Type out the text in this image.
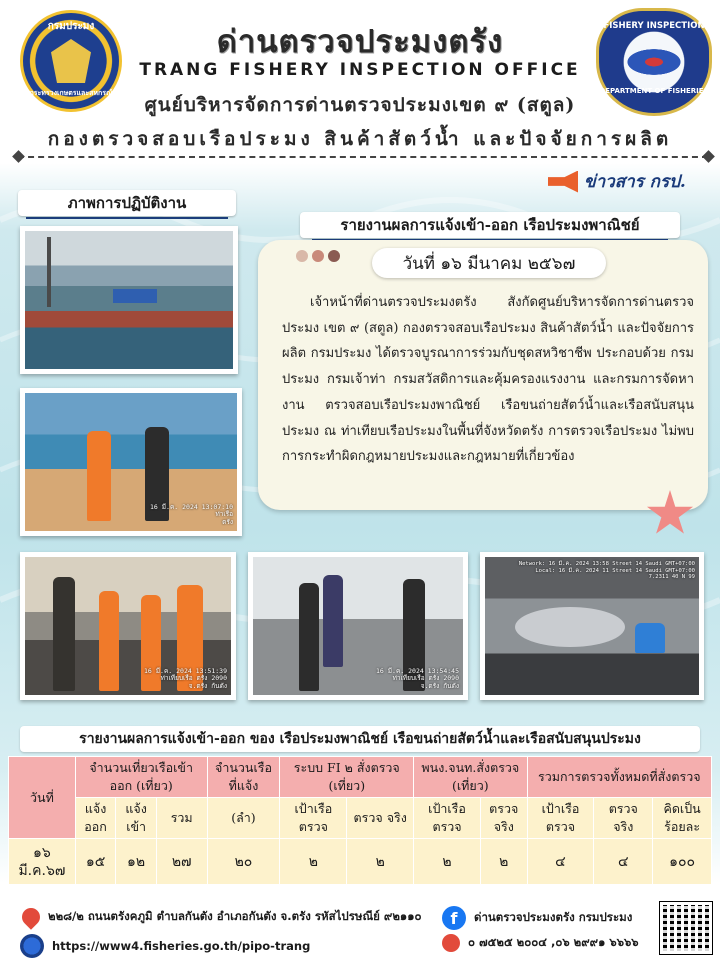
กรมประมง
กระทรวงเกษตรและสหกรณ์
FISHERY INSPECTION
DEPARTMENT OF FISHERIES
ด่านตรวจประมงตรัง
TRANG FISHERY INSPECTION OFFICE
ศูนย์บริหารจัดการด่านตรวจประมงเขต ๙ (สตูล)
กองตรวจสอบเรือประมง สินค้าสัตว์น้ำ และปัจจัยการผลิต
ข่าวสาร กรป.
ภาพการปฏิบัติงาน
รายงานผลการแจ้งเข้า-ออก เรือประมงพาณิชย์
16 มี.ค. 2024 13:07:10
ท่าเรือ
ตรัง
16 มี.ค. 2024 13:51:39
ท่าเทียบเรือ ตรัง 2090
จ.ตรัง กันตัง
16 มี.ค. 2024 13:54:45
ท่าเทียบเรือ ตรัง 2090
จ.ตรัง กันตัง
Network: 16 มี.ค. 2024 13:58 Street 14 Saudi GMT+07:00
Local: 16 มี.ค. 2024 11 Street 14 Saudi GMT+07:00
7.2311 40 N 99
วันที่ ๑๖ มีนาคม ๒๕๖๗
เจ้าหน้าที่ด่านตรวจประมงตรัง สังกัดศูนย์บริหารจัดการด่านตรวจประมง เขต ๙ (สตูล) กองตรวจสอบเรือประมง สินค้าสัตว์น้ำ และปัจจัยการผลิต กรมประมง ได้ตรวจบูรณาการร่วมกับชุดสหวิชาชีพ ประกอบด้วย กรมประมง กรมเจ้าท่า กรมสวัสดิการและคุ้มครองแรงงาน และกรมการจัดหางาน ตรวจสอบเรือประมงพาณิชย์ เรือขนถ่ายสัตว์น้ำและเรือสนับสนุนประมง ณ ท่าเทียบเรือประมงในพื้นที่จังหวัดตรัง การตรวจเรือประมง ไม่พบการกระทำผิดกฎหมายประมงและกฎหมายที่เกี่ยวข้อง
รายงานผลการแจ้งเข้า-ออก ของ เรือประมงพาณิชย์ เรือขนถ่ายสัตว์น้ำและเรือสนับสนุนประมง
วันที่	จำนวนเที่ยวเรือเข้าออก (เที่ยว)			จำนวนเรือ ที่แจ้ง	ระบบ FI ๒ สั่งตรวจ (เที่ยว)		พนง.จนท.สั่งตรวจ (เที่ยว)		รวมการตรวจทั้งหมดที่สั่งตรวจ		
	แจ้ง ออก	แจ้ง เข้า	รวม	(ลำ)	เป้าเรือ ตรวจ	ตรวจ จริง	เป้าเรือ ตรวจ	ตรวจ จริง	เป้าเรือ ตรวจ	ตรวจ จริง	คิดเป็น ร้อยละ
๑๖ มี.ค.๖๗	๑๕	๑๒	๒๗	๒๐	๒	๒	๒	๒	๔	๔	๑๐๐
๒๒๘/๒ ถนนตรังคภูมิ ตำบลกันตัง อำเภอกันตัง จ.ตรัง รหัสไปรษณีย์ ๙๒๑๑๐	f	ด่านตรวจประมงตรัง กรมประมง
https://www4.fisheries.go.th/pipo-trang	๐ ๗๕๒๕ ๒๐๐๔ ,๐๖ ๒๙๙๑ ๖๖๖๖
